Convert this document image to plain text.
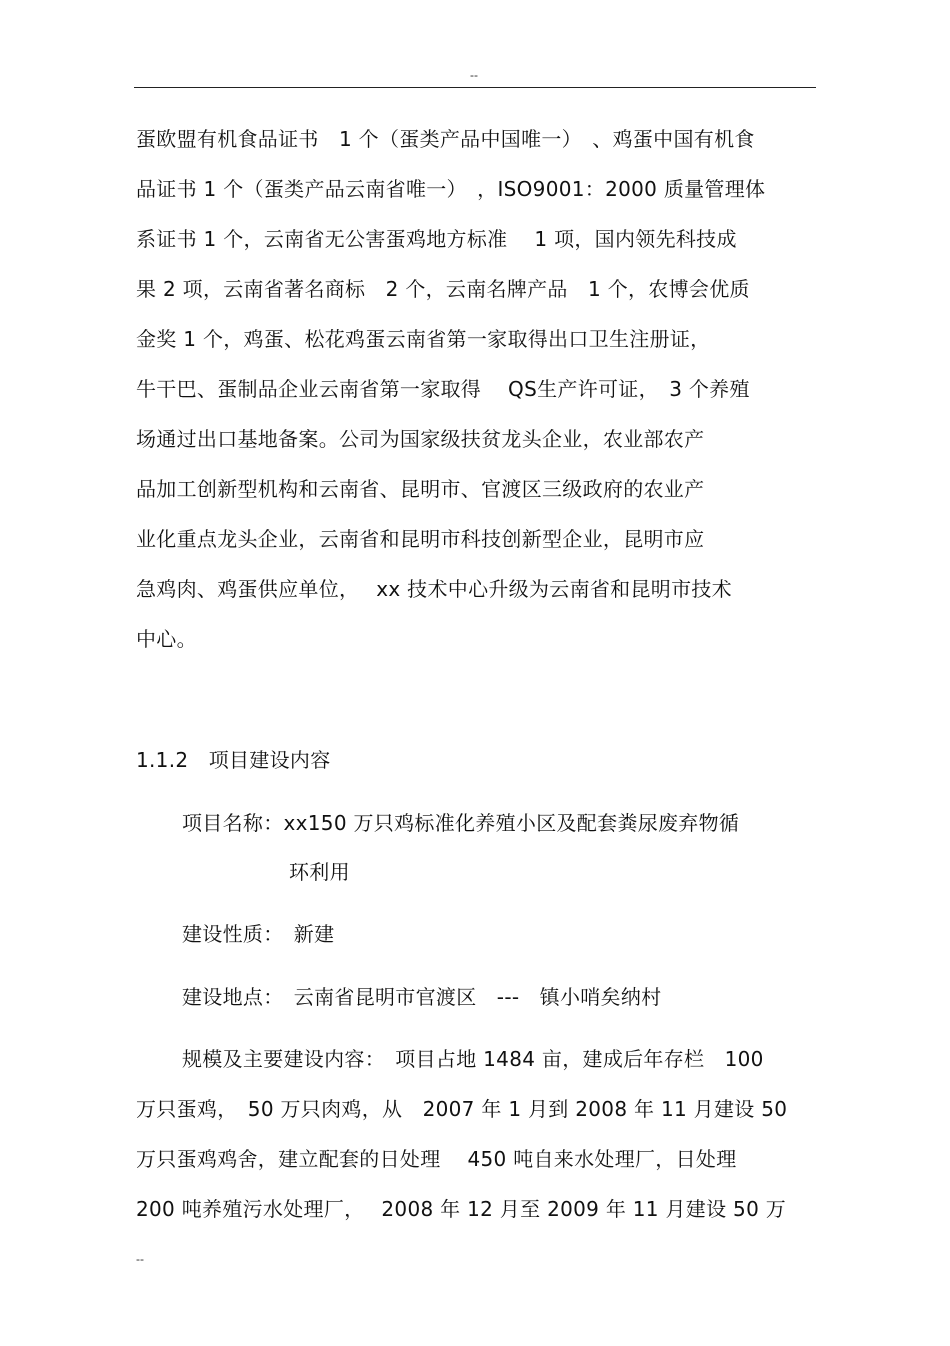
--
蛋欧盟有机食品证书　1 个（蛋类产品中国唯一）　、鸡蛋中国有机食
品证书 1 个（蛋类产品云南省唯一）　，ISO9001：2000 质量管理体
系证书 1 个，云南省无公害蛋鸡地方标准　 1 项，国内领先科技成
果 2 项，云南省著名商标　2 个，云南名牌产品　1 个，农博会优质
金奖 1 个，鸡蛋、松花鸡蛋云南省第一家取得出口卫生注册证，
牛干巴、蛋制品企业云南省第一家取得　 QS生产许可证，　3 个养殖
场通过出口基地备案。公司为国家级扶贫龙头企业，农业部农产
品加工创新型机构和云南省、昆明市、官渡区三级政府的农业产
业化重点龙头企业，云南省和昆明市科技创新型企业，昆明市应
急鸡肉、鸡蛋供应单位，　 xx 技术中心升级为云南省和昆明市技术
中心。
1.1.2　项目建设内容
项目名称：xx150 万只鸡标准化养殖小区及配套粪尿废弃物循
环利用
建设性质：　新建
建设地点：　云南省昆明市官渡区　---　镇小哨矣纳村
规模及主要建设内容：　项目占地 1484 亩，建成后年存栏　100
万只蛋鸡，　50 万只肉鸡，从　2007 年 1 月到 2008 年 11 月建设 50
万只蛋鸡鸡舍，建立配套的日处理　 450 吨自来水处理厂，日处理
200 吨养殖污水处理厂，　 2008 年 12 月至 2009 年 11 月建设 50 万
--
